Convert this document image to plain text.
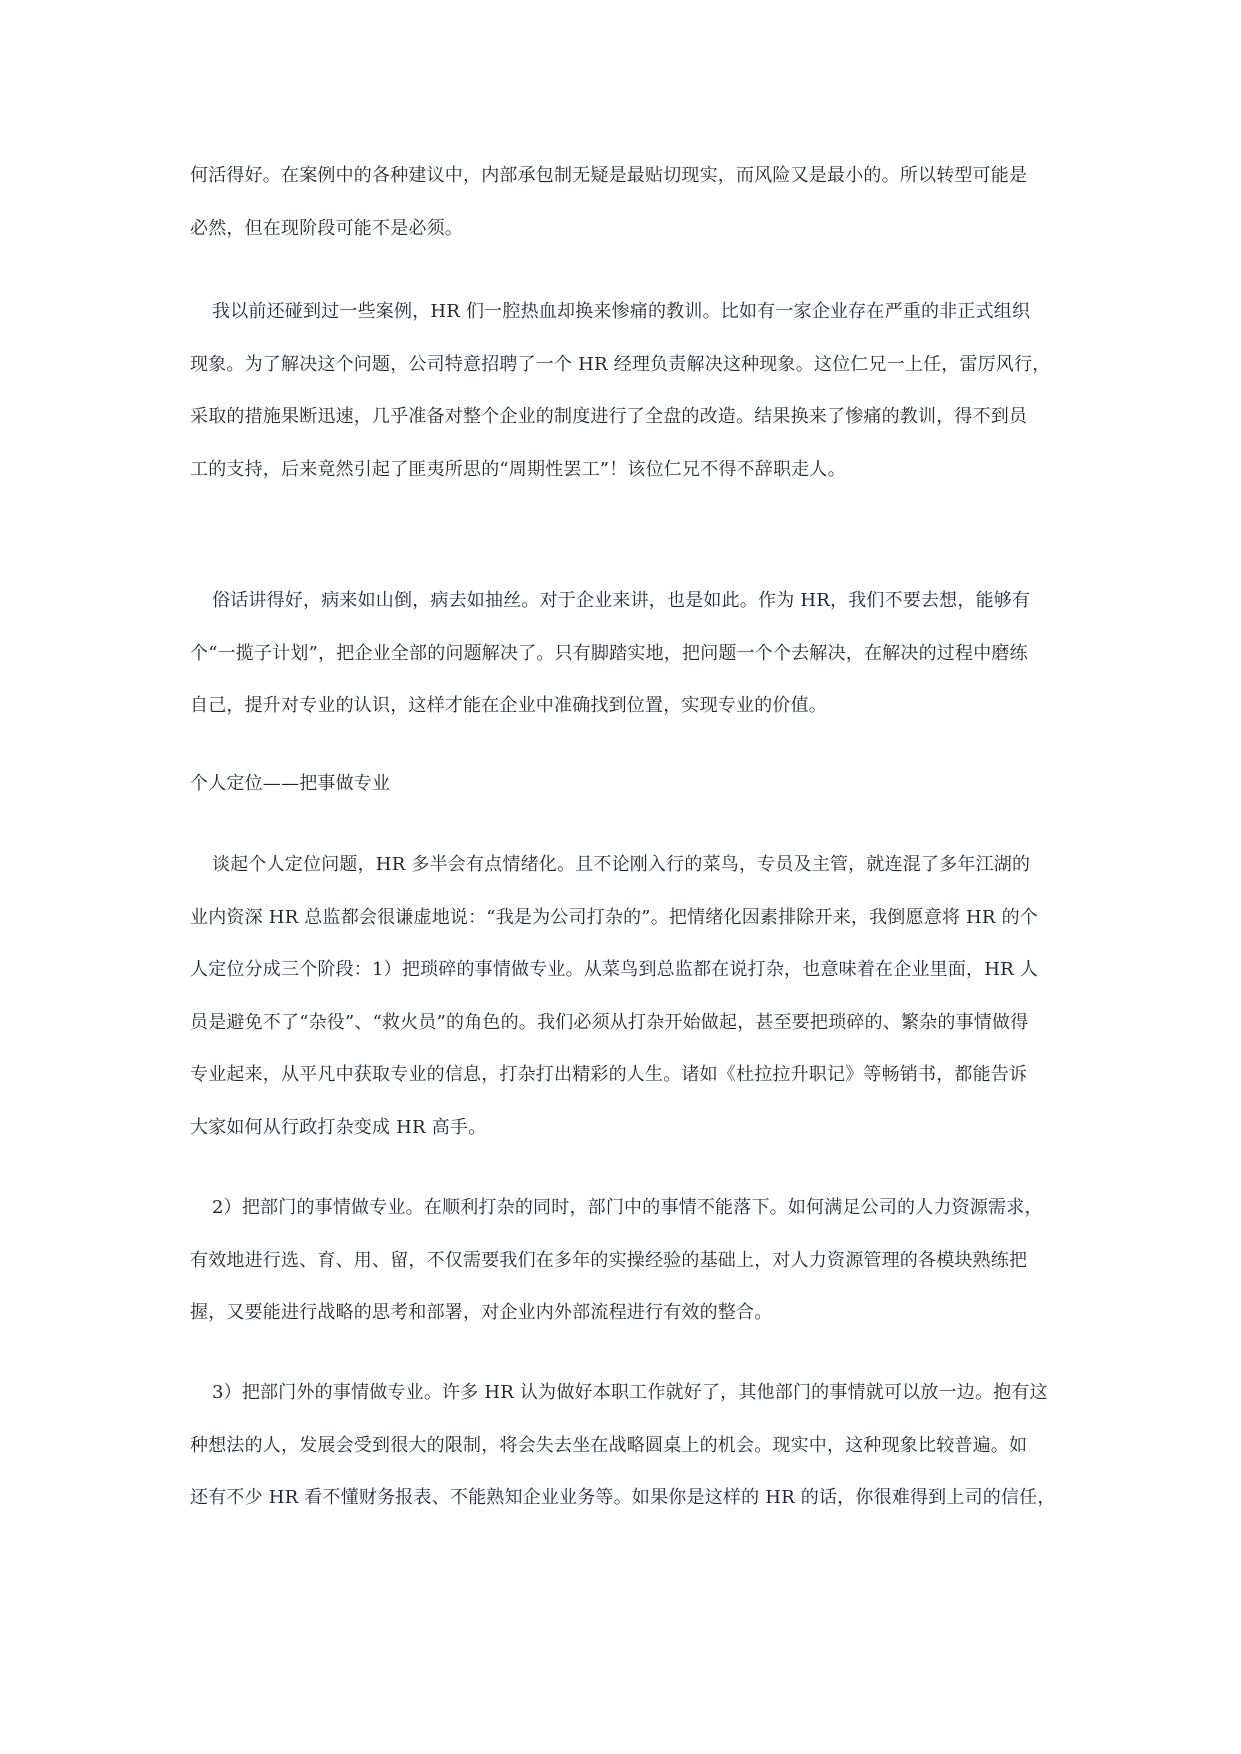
何活得好。在案例中的各种建议中，内部承包制无疑是最贴切现实，而风险又是最小的。所以转型可能是
必然，但在现阶段可能不是必须。
我以前还碰到过一些案例，HR 们一腔热血却换来惨痛的教训。比如有一家企业存在严重的非正式组织
现象。为了解决这个问题，公司特意招聘了一个 HR 经理负责解决这种现象。这位仁兄一上任，雷厉风行，
采取的措施果断迅速，几乎准备对整个企业的制度进行了全盘的改造。结果换来了惨痛的教训，得不到员
工的支持，后来竟然引起了匪夷所思的“周期性罢工”！该位仁兄不得不辞职走人。
俗话讲得好，病来如山倒，病去如抽丝。对于企业来讲，也是如此。作为 HR，我们不要去想，能够有
个“一揽子计划”，把企业全部的问题解决了。只有脚踏实地，把问题一个个去解决，在解决的过程中磨练
自己，提升对专业的认识，这样才能在企业中准确找到位置，实现专业的价值。
个人定位——把事做专业
谈起个人定位问题，HR 多半会有点情绪化。且不论刚入行的菜鸟，专员及主管，就连混了多年江湖的
业内资深 HR 总监都会很谦虚地说：“我是为公司打杂的”。把情绪化因素排除开来，我倒愿意将 HR 的个
人定位分成三个阶段：1）把琐碎的事情做专业。从菜鸟到总监都在说打杂，也意味着在企业里面，HR 人
员是避免不了“杂役”、“救火员”的角色的。我们必须从打杂开始做起，甚至要把琐碎的、繁杂的事情做得
专业起来，从平凡中获取专业的信息，打杂打出精彩的人生。诸如《杜拉拉升职记》等畅销书，都能告诉
大家如何从行政打杂变成 HR 高手。
2）把部门的事情做专业。在顺利打杂的同时，部门中的事情不能落下。如何满足公司的人力资源需求，
有效地进行选、育、用、留，不仅需要我们在多年的实操经验的基础上，对人力资源管理的各模块熟练把
握，又要能进行战略的思考和部署，对企业内外部流程进行有效的整合。
3）把部门外的事情做专业。许多 HR 认为做好本职工作就好了，其他部门的事情就可以放一边。抱有这
种想法的人，发展会受到很大的限制，将会失去坐在战略圆桌上的机会。现实中，这种现象比较普遍。如
还有不少 HR 看不懂财务报表、不能熟知企业业务等。如果你是这样的 HR 的话，你很难得到上司的信任，
